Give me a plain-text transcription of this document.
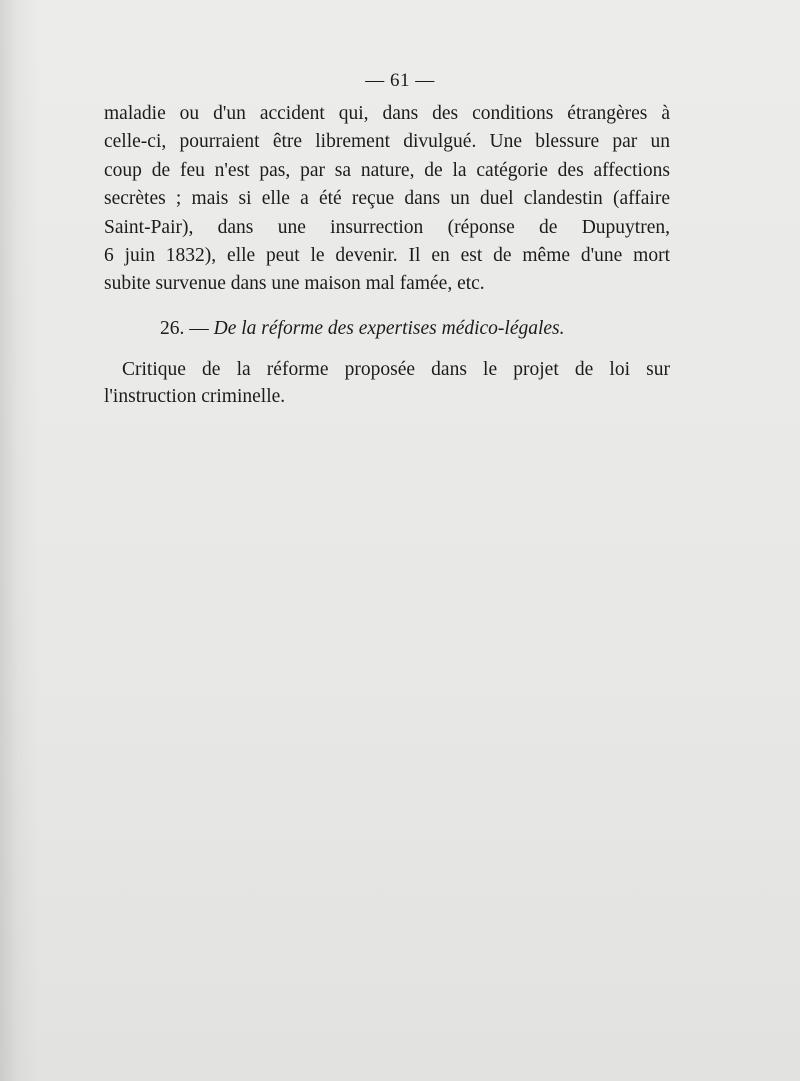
— 61 —
maladie ou d'un accident qui, dans des conditions étrangères à
celle-ci, pourraient être librement divulgué. Une blessure par un
coup de feu n'est pas, par sa nature, de la catégorie des affections
secrètes ; mais si elle a été reçue dans un duel clandestin (affaire
Saint-Pair), dans une insurrection (réponse de Dupuytren,
6 juin 1832), elle peut le devenir. Il en est de même d'une mort
subite survenue dans une maison mal famée, etc.
26. — De la réforme des expertises médico-légales.
Critique de la réforme proposée dans le projet de loi sur
l'instruction criminelle.
